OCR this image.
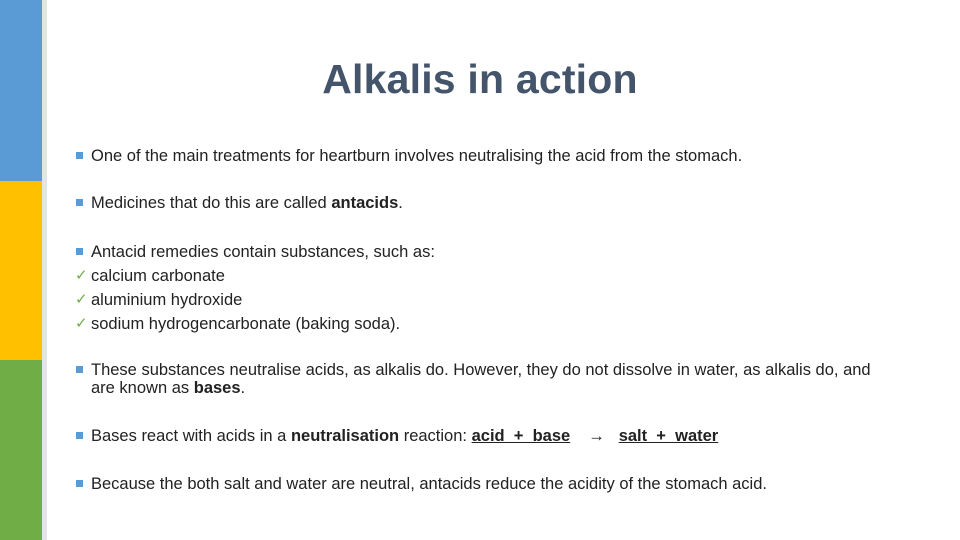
Alkalis in action
One of the main treatments for heartburn involves neutralising the acid from the stomach.
Medicines that do this are called antacids.
Antacid remedies contain substances, such as:
✓ calcium carbonate
✓ aluminium hydroxide
✓ sodium hydrogencarbonate (baking soda).
These substances neutralise acids, as alkalis do. However, they do not dissolve in water, as alkalis do, and are known as bases.
Bases react with acids in a neutralisation reaction: acid  +  base → salt  +  water
Because the both salt and water are neutral, antacids reduce the acidity of the stomach acid.
